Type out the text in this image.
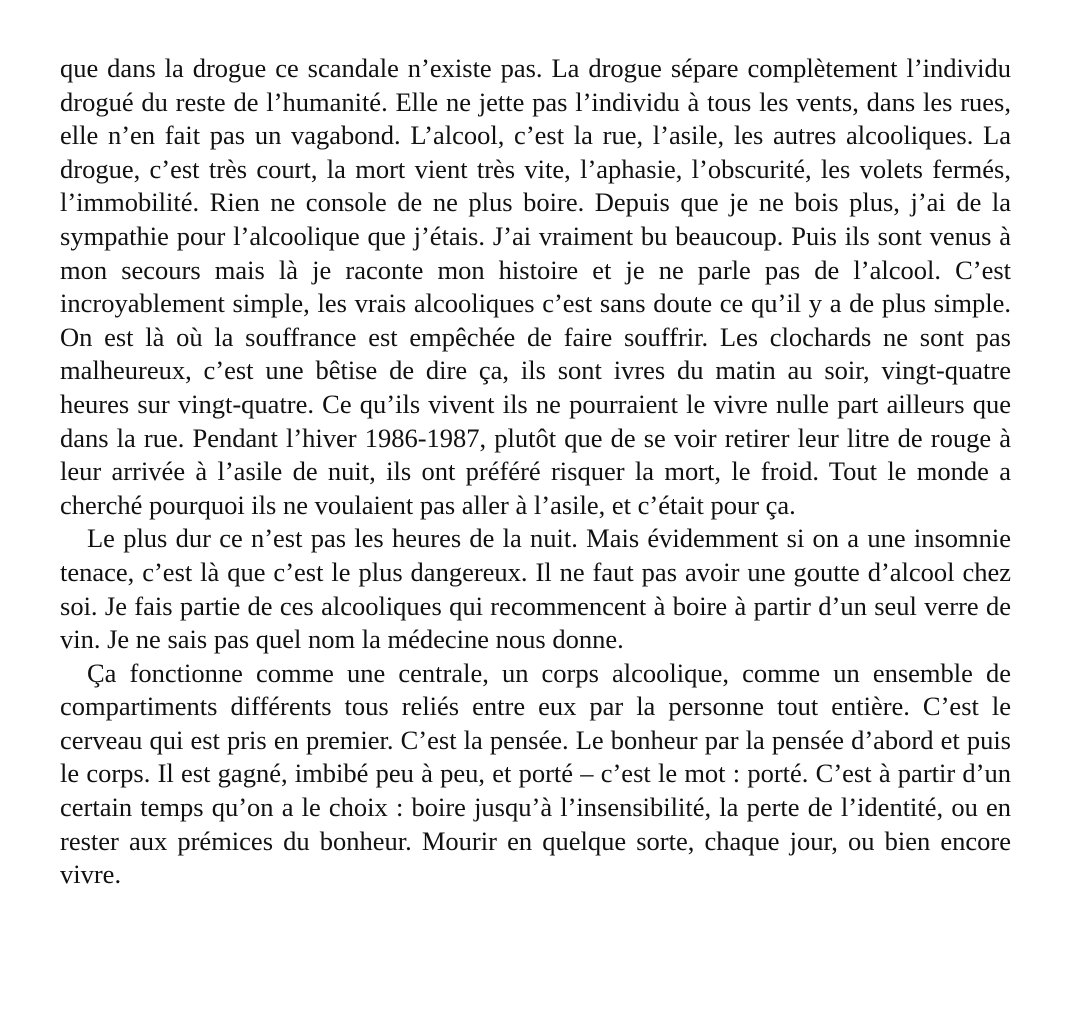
que dans la drogue ce scandale n’existe pas. La drogue sépare complètement l’individu drogué du reste de l’humanité. Elle ne jette pas l’individu à tous les vents, dans les rues, elle n’en fait pas un vagabond. L’alcool, c’est la rue, l’asile, les autres alcooliques. La drogue, c’est très court, la mort vient très vite, l’aphasie, l’obscurité, les volets fermés, l’immobilité. Rien ne console de ne plus boire. Depuis que je ne bois plus, j’ai de la sympathie pour l’alcoolique que j’étais. J’ai vraiment bu beaucoup. Puis ils sont venus à mon secours mais là je raconte mon histoire et je ne parle pas de l’alcool. C’est incroyablement simple, les vrais alcooliques c’est sans doute ce qu’il y a de plus simple. On est là où la souffrance est empêchée de faire souffrir. Les clochards ne sont pas malheureux, c’est une bêtise de dire ça, ils sont ivres du matin au soir, vingt-quatre heures sur vingt-quatre. Ce qu’ils vivent ils ne pourraient le vivre nulle part ailleurs que dans la rue. Pendant l’hiver 1986-1987, plutôt que de se voir retirer leur litre de rouge à leur arrivée à l’asile de nuit, ils ont préféré risquer la mort, le froid. Tout le monde a cherché pourquoi ils ne voulaient pas aller à l’asile, et c’était pour ça.

Le plus dur ce n’est pas les heures de la nuit. Mais évidemment si on a une insomnie tenace, c’est là que c’est le plus dangereux. Il ne faut pas avoir une goutte d’alcool chez soi. Je fais partie de ces alcooliques qui recommencent à boire à partir d’un seul verre de vin. Je ne sais pas quel nom la médecine nous donne.

Ça fonctionne comme une centrale, un corps alcoolique, comme un ensemble de compartiments différents tous reliés entre eux par la personne tout entière. C’est le cerveau qui est pris en premier. C’est la pensée. Le bonheur par la pensée d’abord et puis le corps. Il est gagné, imbibé peu à peu, et porté – c’est le mot : porté. C’est à partir d’un certain temps qu’on a le choix : boire jusqu’à l’insensibilité, la perte de l’identité, ou en rester aux prémices du bonheur. Mourir en quelque sorte, chaque jour, ou bien encore vivre.
